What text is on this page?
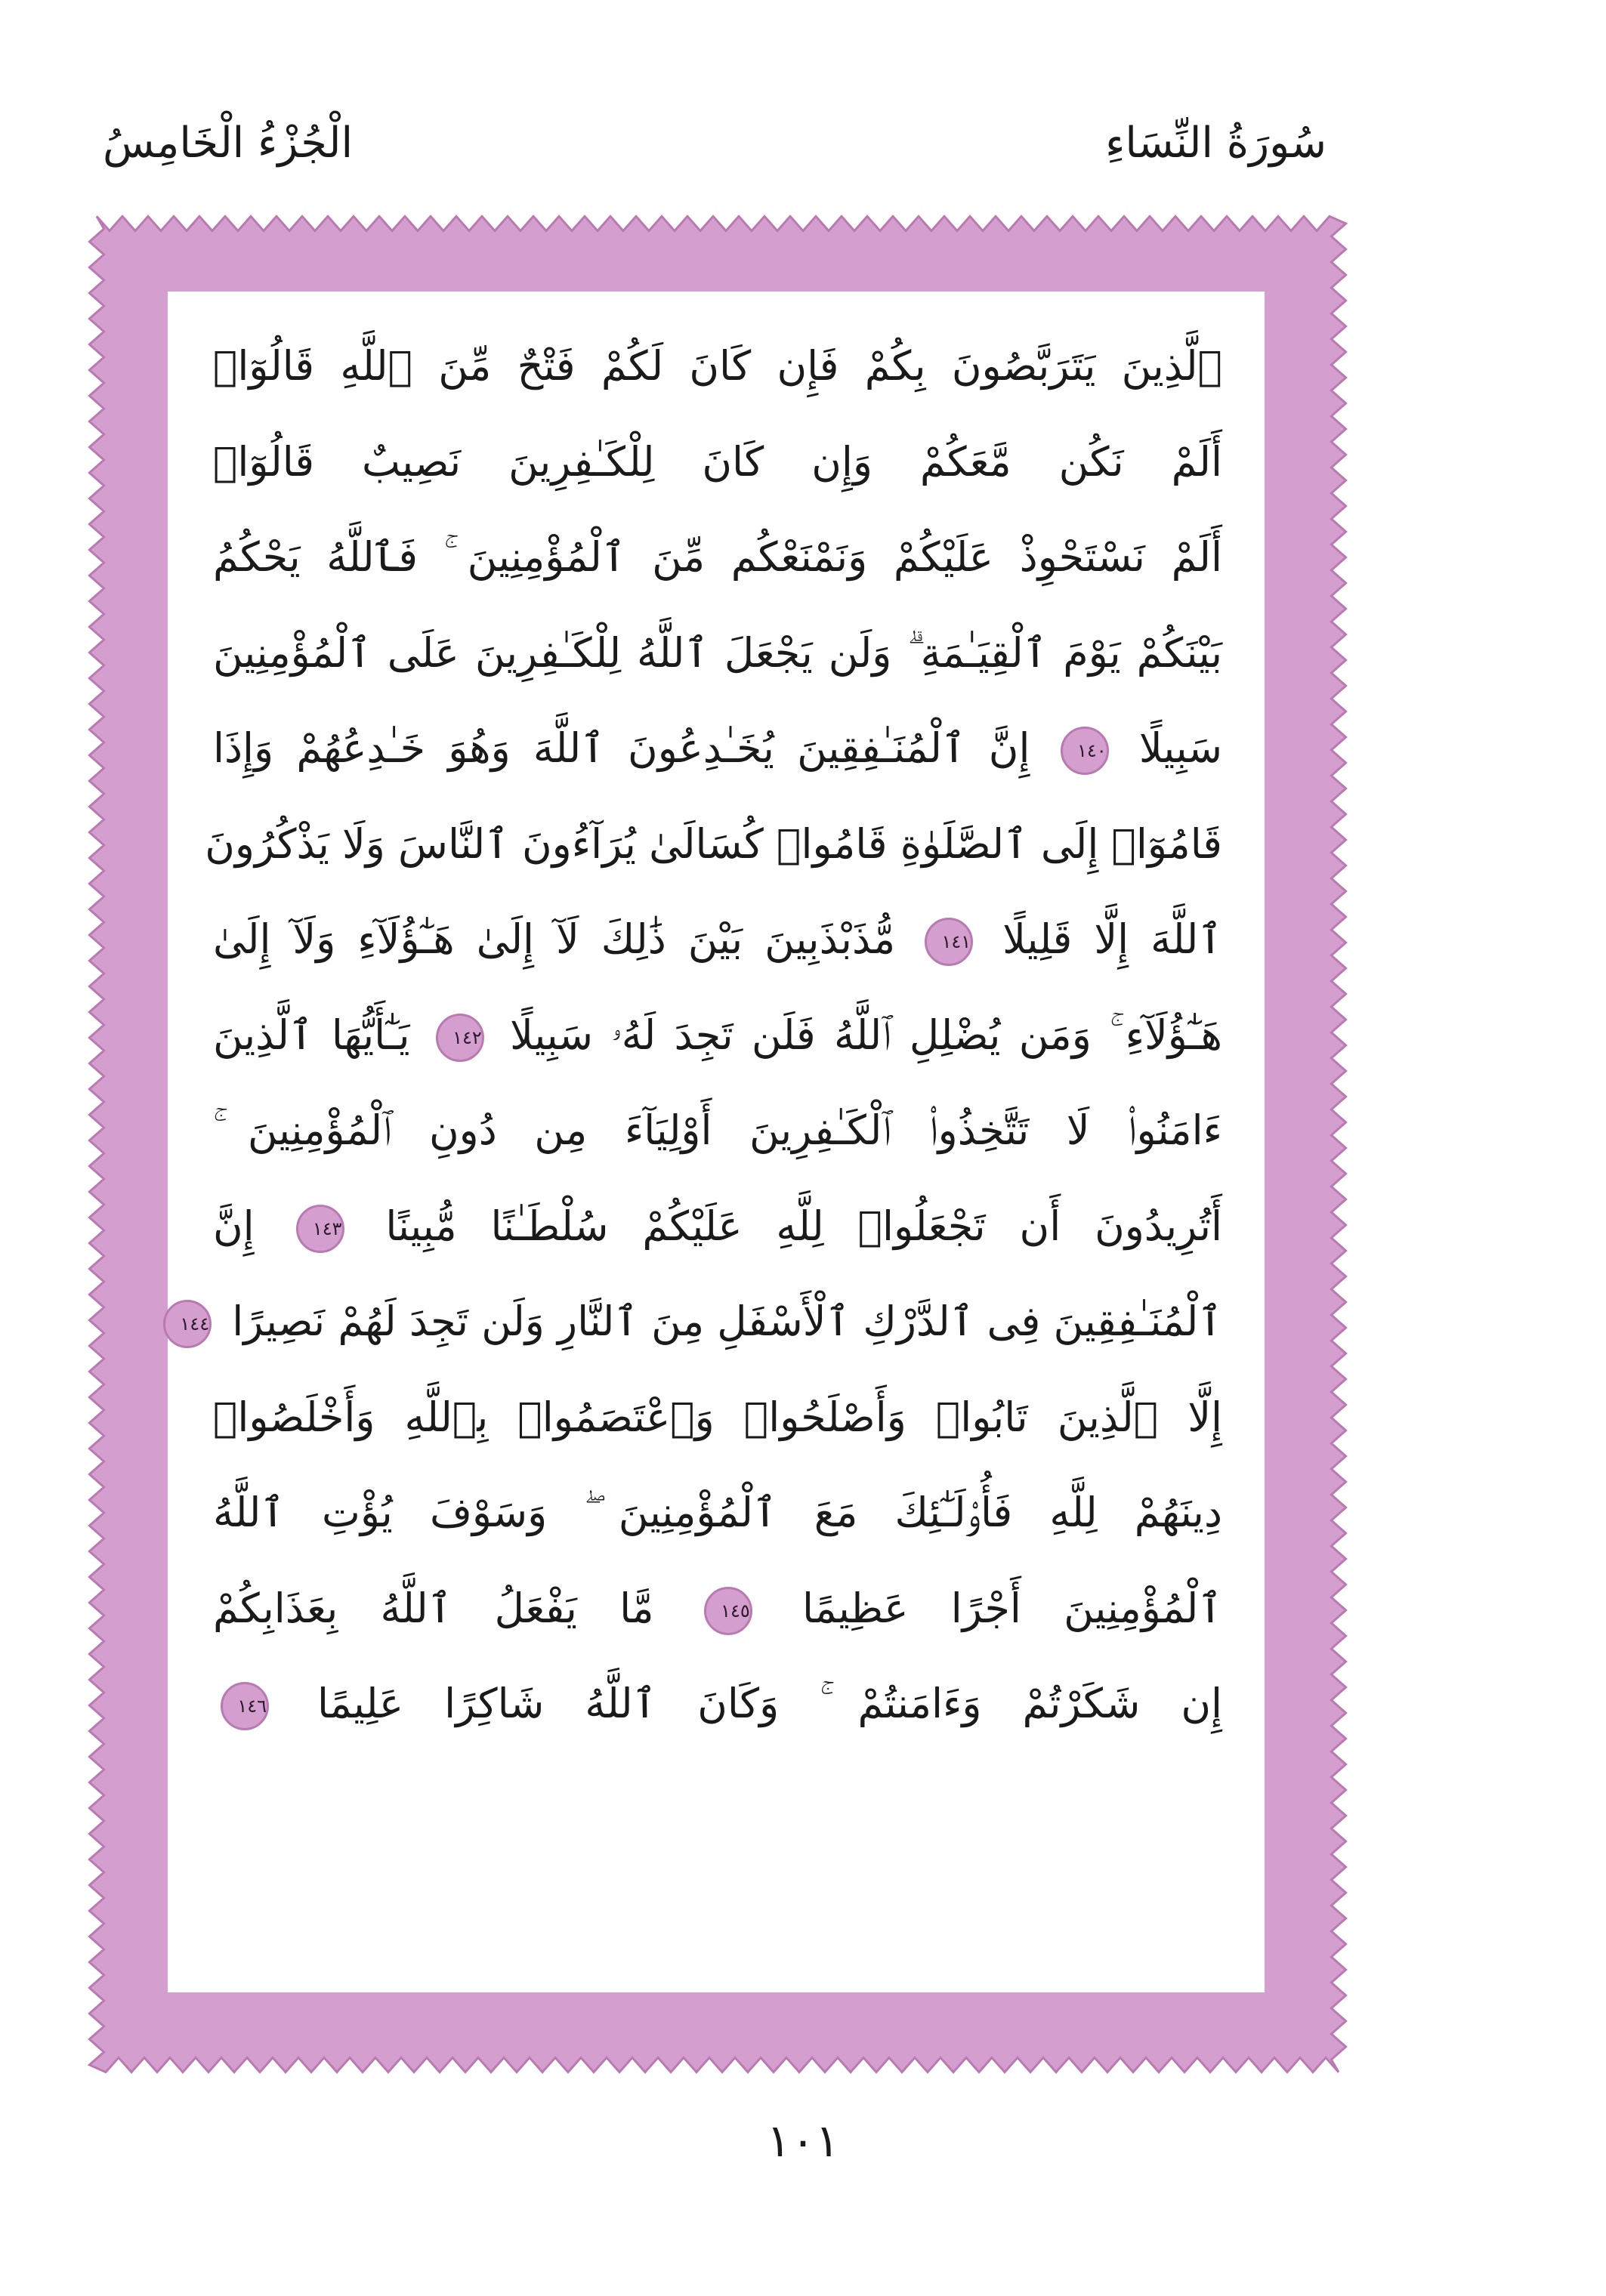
سُورَةُ النِّسَاءِ
الْجُزْءُ الْخَامِسُ
ٱلَّذِينَ يَتَرَبَّصُونَ بِكُمْ فَإِن كَانَ لَكُمْ فَتْحٌ مِّنَ ٱللَّهِ قَالُوٓا۟
أَلَمْ نَكُن مَّعَكُمْ وَإِن كَانَ لِلْكَـٰفِرِينَ نَصِيبٌ قَالُوٓا۟
أَلَمْ نَسْتَحْوِذْ عَلَيْكُمْ وَنَمْنَعْكُم مِّنَ ٱلْمُؤْمِنِينَ ۚ فَٱللَّهُ يَحْكُمُ
بَيْنَكُمْ يَوْمَ ٱلْقِيَـٰمَةِ ۗ وَلَن يَجْعَلَ ٱللَّهُ لِلْكَـٰفِرِينَ عَلَى ٱلْمُؤْمِنِينَ
سَبِيلًا ١٤٠ إِنَّ ٱلْمُنَـٰفِقِينَ يُخَـٰدِعُونَ ٱللَّهَ وَهُوَ خَـٰدِعُهُمْ وَإِذَا
قَامُوٓا۟ إِلَى ٱلصَّلَوٰةِ قَامُوا۟ كُسَالَىٰ يُرَآءُونَ ٱلنَّاسَ وَلَا يَذْكُرُونَ
ٱللَّهَ إِلَّا قَلِيلًا ١٤١ مُّذَبْذَبِينَ بَيْنَ ذَٰلِكَ لَآ إِلَىٰ هَـٰٓؤُلَآءِ وَلَآ إِلَىٰ
هَـٰٓؤُلَآءِ ۚ وَمَن يُضْلِلِ ٱللَّهُ فَلَن تَجِدَ لَهُۥ سَبِيلًا ١٤٢ يَـٰٓأَيُّهَا ٱلَّذِينَ
ءَامَنُوا۟ لَا تَتَّخِذُوا۟ ٱلْكَـٰفِرِينَ أَوْلِيَآءَ مِن دُونِ ٱلْمُؤْمِنِينَ ۚ
أَتُرِيدُونَ أَن تَجْعَلُوا۟ لِلَّهِ عَلَيْكُمْ سُلْطَـٰنًا مُّبِينًا ١٤٣ إِنَّ
ٱلْمُنَـٰفِقِينَ فِى ٱلدَّرْكِ ٱلْأَسْفَلِ مِنَ ٱلنَّارِ وَلَن تَجِدَ لَهُمْ نَصِيرًا ١٤٤
إِلَّا ٱلَّذِينَ تَابُوا۟ وَأَصْلَحُوا۟ وَٱعْتَصَمُوا۟ بِٱللَّهِ وَأَخْلَصُوا۟
دِينَهُمْ لِلَّهِ فَأُو۟لَـٰٓئِكَ مَعَ ٱلْمُؤْمِنِينَ ۖ وَسَوْفَ يُؤْتِ ٱللَّهُ
ٱلْمُؤْمِنِينَ أَجْرًا عَظِيمًا ١٤٥ مَّا يَفْعَلُ ٱللَّهُ بِعَذَابِكُمْ
إِن شَكَرْتُمْ وَءَامَنتُمْ ۚ وَكَانَ ٱللَّهُ شَاكِرًا عَلِيمًا ١٤٦
١٠١
